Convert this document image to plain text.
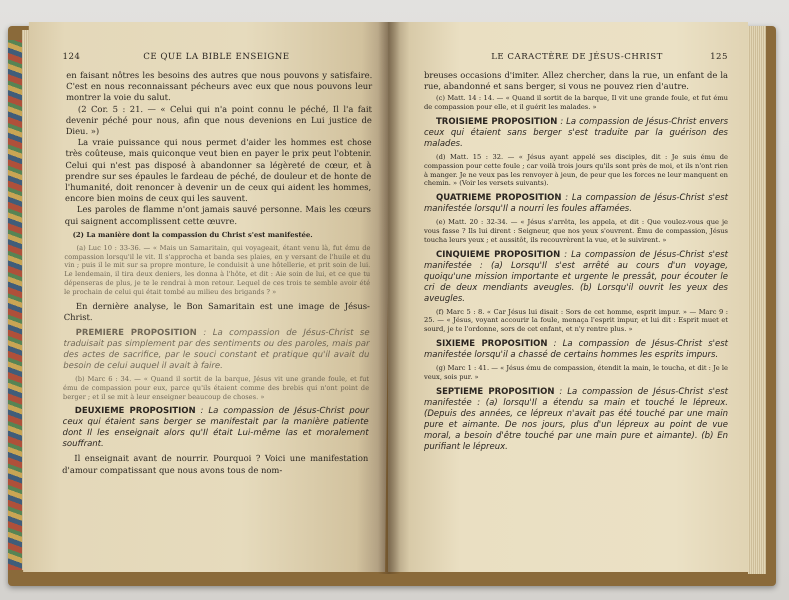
124	CE QUE LA BIBLE ENSEIGNE

en faisant nôtres les besoins des autres que nous pouvons y satisfaire. C'est en nous reconnaissant pécheurs avec eux que nous pouvons leur montrer la voie du salut.

(2 Cor. 5 : 21. — « Celui qui n'a point connu le péché, Il l'a fait devenir péché pour nous, afin que nous devenions en Lui justice de Dieu. »)

La vraie puissance qui nous permet d'aider les hommes est chose très coûteuse, mais quiconque veut bien en payer le prix peut l'obtenir. Celui qui n'est pas disposé à abandonner sa légèreté de cœur, et à prendre sur ses épaules le fardeau de péché, de douleur et de honte de l'humanité, doit renoncer à devenir un de ceux qui aident les hommes, encore bien moins de ceux qui les sauvent.

Les paroles de flamme n'ont jamais sauvé personne. Mais les cœurs qui saignent accomplissent cette œuvre.

(2) La manière dont la compassion du Christ s'est manifestée.

(a) Luc 10 : 33-36. — « Mais un Samaritain, qui voyageait, étant venu là, fut ému de compassion lorsqu'il le vit. Il s'approcha et banda ses plaies, en y versant de l'huile et du vin ; puis il le mit sur sa propre monture, le conduisit à une hôtellerie, et prit soin de lui. Le lendemain, il tira deux deniers, les donna à l'hôte, et dit : Aie soin de lui, et ce que tu dépenseras de plus, je te le rendrai à mon retour. Lequel de ces trois te semble avoir été le prochain de celui qui était tombé au milieu des brigands ? »

En dernière analyse, le Bon Samaritain est une image de Jésus-Christ.

PREMIERE PROPOSITION : La compassion de Jésus-Christ se traduisait pas simplement par des sentiments ou des paroles, mais par des actes de sacrifice, par le souci constant et pratique qu'il avait du besoin de celui auquel il avait à faire.

(b) Marc 6 : 34. — « Quand il sortit de la barque, Jésus vit une grande foule, et fut ému de compassion pour eux, parce qu'ils étaient comme des brebis qui n'ont point de berger ; et il se mit à leur enseigner beaucoup de choses. »

DEUXIEME PROPOSITION : La compassion de Jésus-Christ pour ceux qui étaient sans berger se manifestait par la manière patiente dont Il les enseignait alors qu'Il était Lui-même las et moralement souffrant.

Il enseignait avant de nourrir. Pourquoi ? Voici une manifestation d'amour compatissant que nous avons tous de nom-

LE CARACTÈRE DE JÉSUS-CHRIST	125

breuses occasions d'imiter. Allez chercher, dans la rue, un enfant de la rue, abandonné et sans berger, si vous ne pouvez rien d'autre.

(c) Matt. 14 : 14. — « Quand il sortit de la barque, Il vit une grande foule, et fut ému de compassion pour elle, et il guérit les malades. »

TROISIEME PROPOSITION : La compassion de Jésus-Christ envers ceux qui étaient sans berger s'est traduite par la guérison des malades.

(d) Matt. 15 : 32. — « Jésus ayant appelé ses disciples, dit : Je suis ému de compassion pour cette foule ; car voilà trois jours qu'ils sont près de moi, et ils n'ont rien à manger. Je ne veux pas les renvoyer à jeun, de peur que les forces ne leur manquent en chemin. » (Voir les versets suivants).

QUATRIEME PROPOSITION : La compassion de Jésus-Christ s'est manifestée lorsqu'Il a nourri les foules affamées.

(e) Matt. 20 : 32-34. — « Jésus s'arrêta, les appela, et dit : Que voulez-vous que je vous fasse ? Ils lui dirent : Seigneur, que nos yeux s'ouvrent. Ému de compassion, Jésus toucha leurs yeux ; et aussitôt, ils recouvrèrent la vue, et le suivirent. »

CINQUIEME PROPOSITION : La compassion de Jésus-Christ s'est manifestée : (a) Lorsqu'Il s'est arrêté au cours d'un voyage, quoiqu'une mission importante et urgente le pressât, pour écouter le cri de deux mendiants aveugles. (b) Lorsqu'il ouvrit les yeux des aveugles.

(f) Marc 5 : 8. « Car Jésus lui disait : Sors de cet homme, esprit impur. » — Marc 9 : 25. — « Jésus, voyant accourir la foule, menaça l'esprit impur, et lui dit : Esprit muet et sourd, je te l'ordonne, sors de cet enfant, et n'y rentre plus. »

SIXIEME PROPOSITION : La compassion de Jésus-Christ s'est manifestée lorsqu'il a chassé de certains hommes les esprits impurs.

(g) Marc 1 : 41. — « Jésus ému de compassion, étendit la main, le toucha, et dit : Je le veux, sois pur. »

SEPTIEME PROPOSITION : La compassion de Jésus-Christ s'est manifestée : (a) lorsqu'Il a étendu sa main et touché le lépreux. (Depuis des années, ce lépreux n'avait pas été touché par une main pure et aimante. De nos jours, plus d'un lépreux au point de vue moral, a besoin d'être touché par une main pure et aimante). (b) En purifiant le lépreux.
